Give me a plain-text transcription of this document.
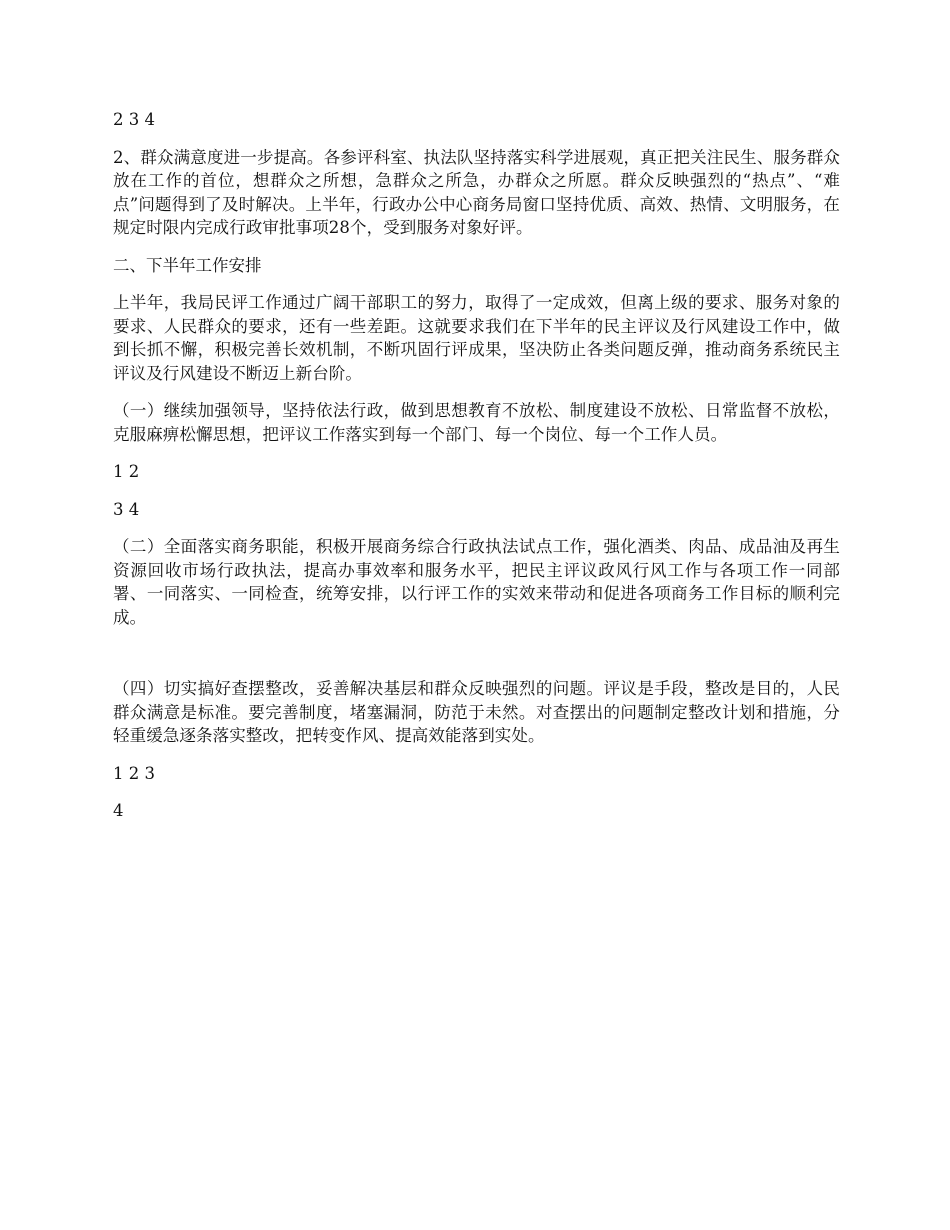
2 3 4

2、群众满意度进一步提高。各参评科室、执法队坚持落实科学进展观，真正把关注民生、服务群众放在工作的首位，想群众之所想，急群众之所急，办群众之所愿。群众反映强烈的“热点”、“难点”问题得到了及时解决。上半年，行政办公中心商务局窗口坚持优质、高效、热情、文明服务，在规定时限内完成行政审批事项28个，受到服务对象好评。

二、下半年工作安排

上半年，我局民评工作通过广阔干部职工的努力，取得了一定成效，但离上级的要求、服务对象的要求、人民群众的要求，还有一些差距。这就要求我们在下半年的民主评议及行风建设工作中，做到长抓不懈，积极完善长效机制，不断巩固行评成果，坚决防止各类问题反弹，推动商务系统民主评议及行风建设不断迈上新台阶。

（一）继续加强领导，坚持依法行政，做到思想教育不放松、制度建设不放松、日常监督不放松，克服麻痹松懈思想，把评议工作落实到每一个部门、每一个岗位、每一个工作人员。

1 2

3 4

（二）全面落实商务职能，积极开展商务综合行政执法试点工作，强化酒类、肉品、成品油及再生资源回收市场行政执法，提高办事效率和服务水平，把民主评议政风行风工作与各项工作一同部署、一同落实、一同检查，统筹安排，以行评工作的实效来带动和促进各项商务工作目标的顺利完成。

（四）切实搞好查摆整改，妥善解决基层和群众反映强烈的问题。评议是手段，整改是目的，人民群众满意是标准。要完善制度，堵塞漏洞，防范于未然。对查摆出的问题制定整改计划和措施，分轻重缓急逐条落实整改，把转变作风、提高效能落到实处。

1 2 3

4
